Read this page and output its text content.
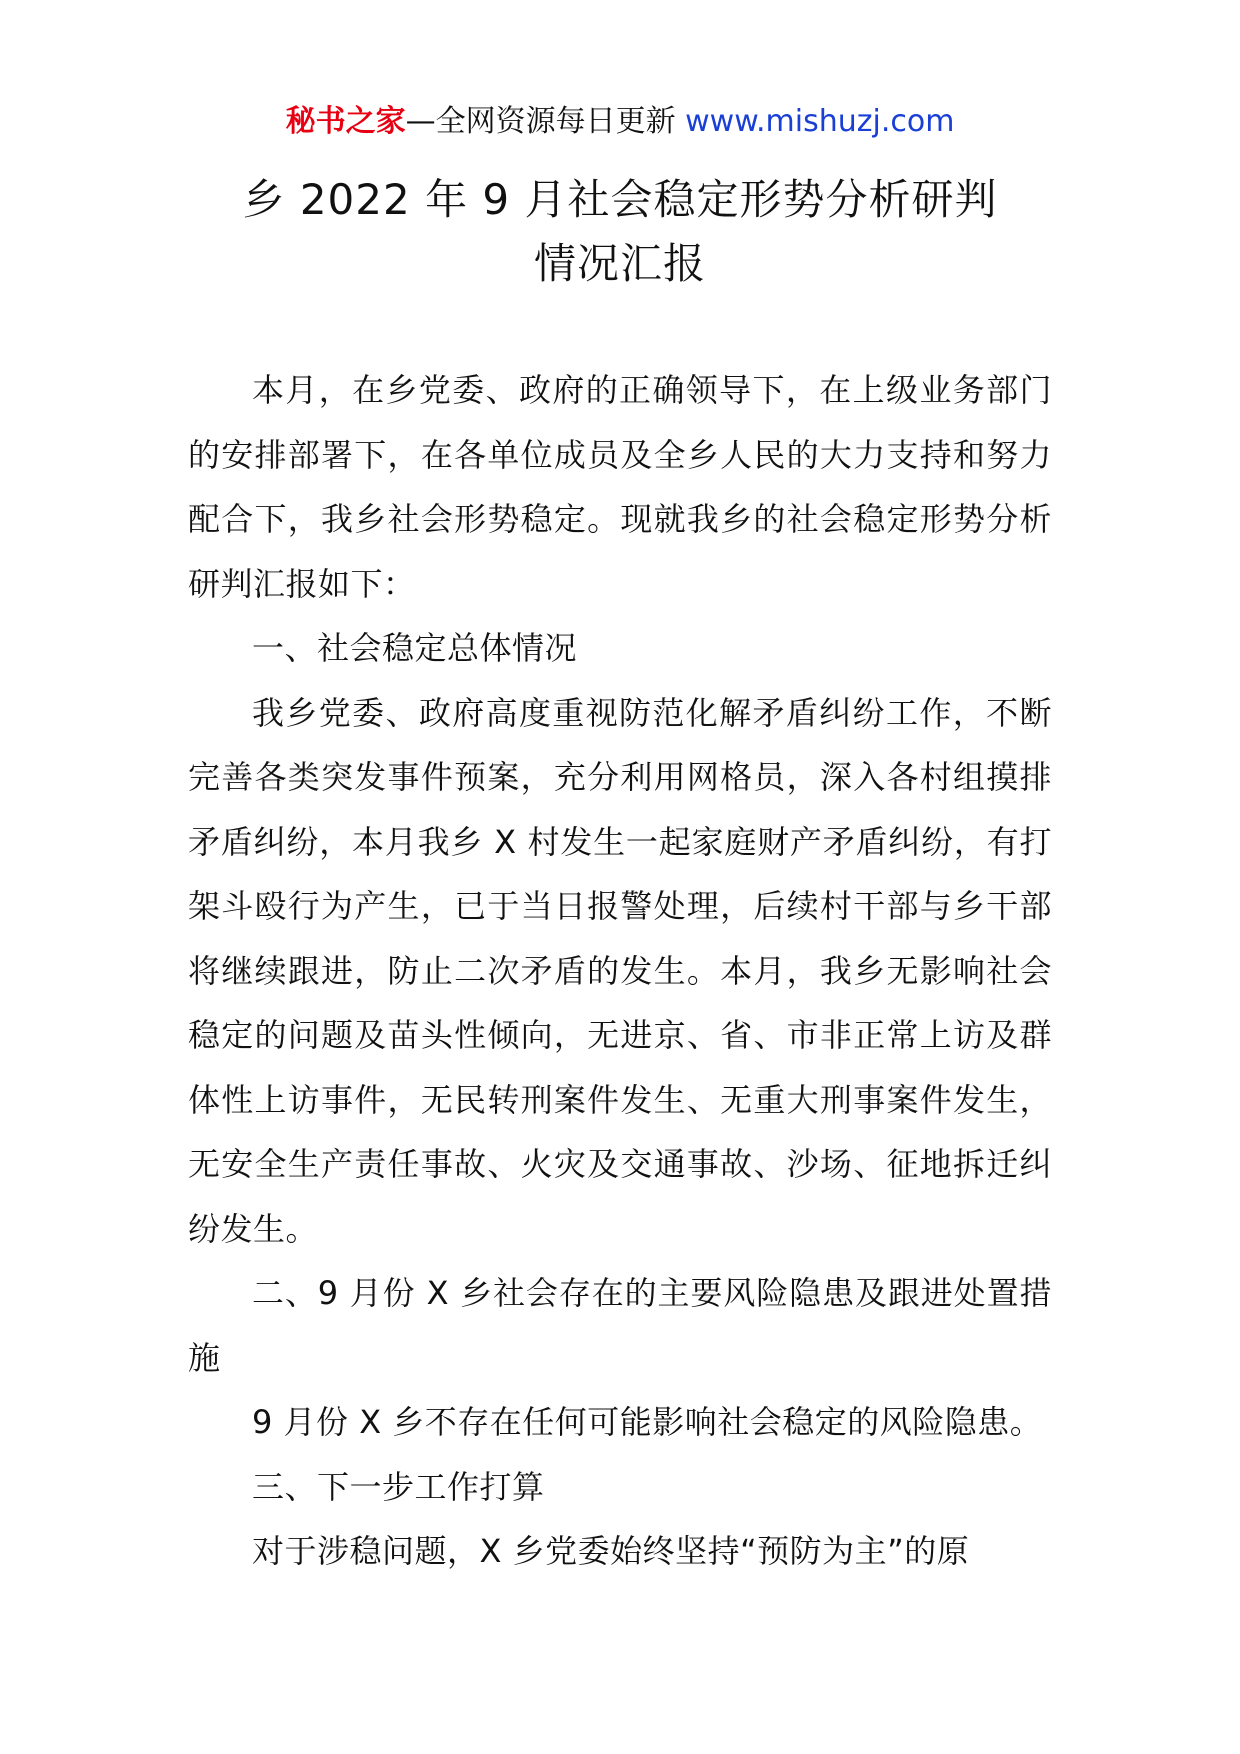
秘书之家—全网资源每日更新 www.mishuzj.com
乡 2022 年 9 月社会稳定形势分析研判
情况汇报

本月，在乡党委、政府的正确领导下，在上级业务部门的安排部署下，在各单位成员及全乡人民的大力支持和努力配合下，我乡社会形势稳定。现就我乡的社会稳定形势分析研判汇报如下：

一、社会稳定总体情况

我乡党委、政府高度重视防范化解矛盾纠纷工作，不断完善各类突发事件预案，充分利用网格员，深入各村组摸排矛盾纠纷，本月我乡 X 村发生一起家庭财产矛盾纠纷，有打架斗殴行为产生，已于当日报警处理，后续村干部与乡干部将继续跟进，防止二次矛盾的发生。本月，我乡无影响社会稳定的问题及苗头性倾向，无进京、省、市非正常上访及群体性上访事件，无民转刑案件发生、无重大刑事案件发生，无安全生产责任事故、火灾及交通事故、沙场、征地拆迁纠纷发生。

二、9 月份 X 乡社会存在的主要风险隐患及跟进处置措施

9 月份 X 乡不存在任何可能影响社会稳定的风险隐患。

三、下一步工作打算

对于涉稳问题，X 乡党委始终坚持“预防为主”的原
